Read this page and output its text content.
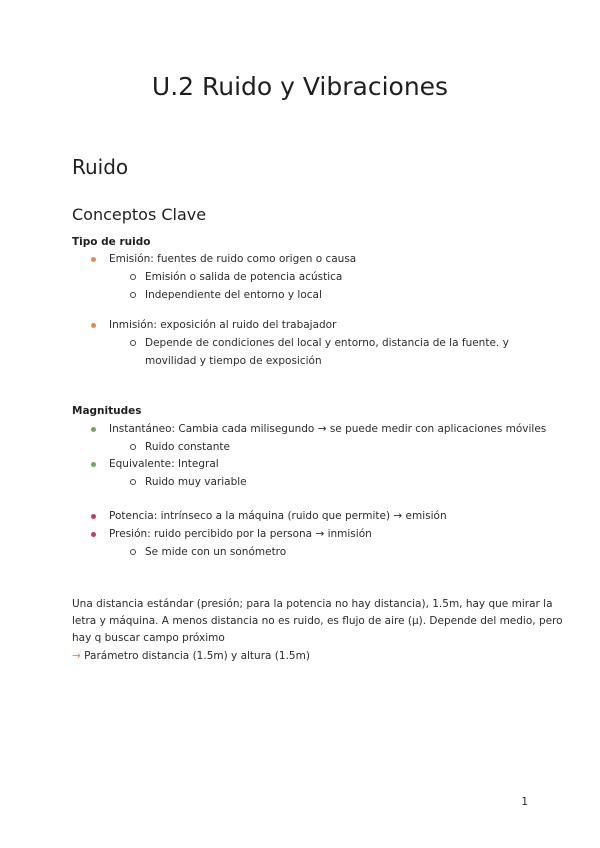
U.2 Ruido y Vibraciones
Ruido
Conceptos Clave
Tipo de ruido
Emisión: fuentes de ruido como origen o causa
Emisión o salida de potencia acústica
Independiente del entorno y local
Inmisión: exposición al ruido del trabajador
Depende de condiciones del local y entorno, distancia de la fuente. y
movilidad y tiempo de exposición
Magnitudes
Instantáneo: Cambia cada milisegundo → se puede medir con aplicaciones móviles
Ruido constante
Equivalente: Integral
Ruido muy variable
Potencia: intrínseco a la máquina (ruido que permite) → emisión
Presión: ruido percibido por la persona → inmisión
Se mide con un sonómetro
Una distancia estándar (presión; para la potencia no hay distancia), 1.5m, hay que mirar la
letra y máquina. A menos distancia no es ruido, es flujo de aire (µ). Depende del medio, pero
hay q buscar campo próximo
→ Parámetro distancia (1.5m) y altura (1.5m)
1
